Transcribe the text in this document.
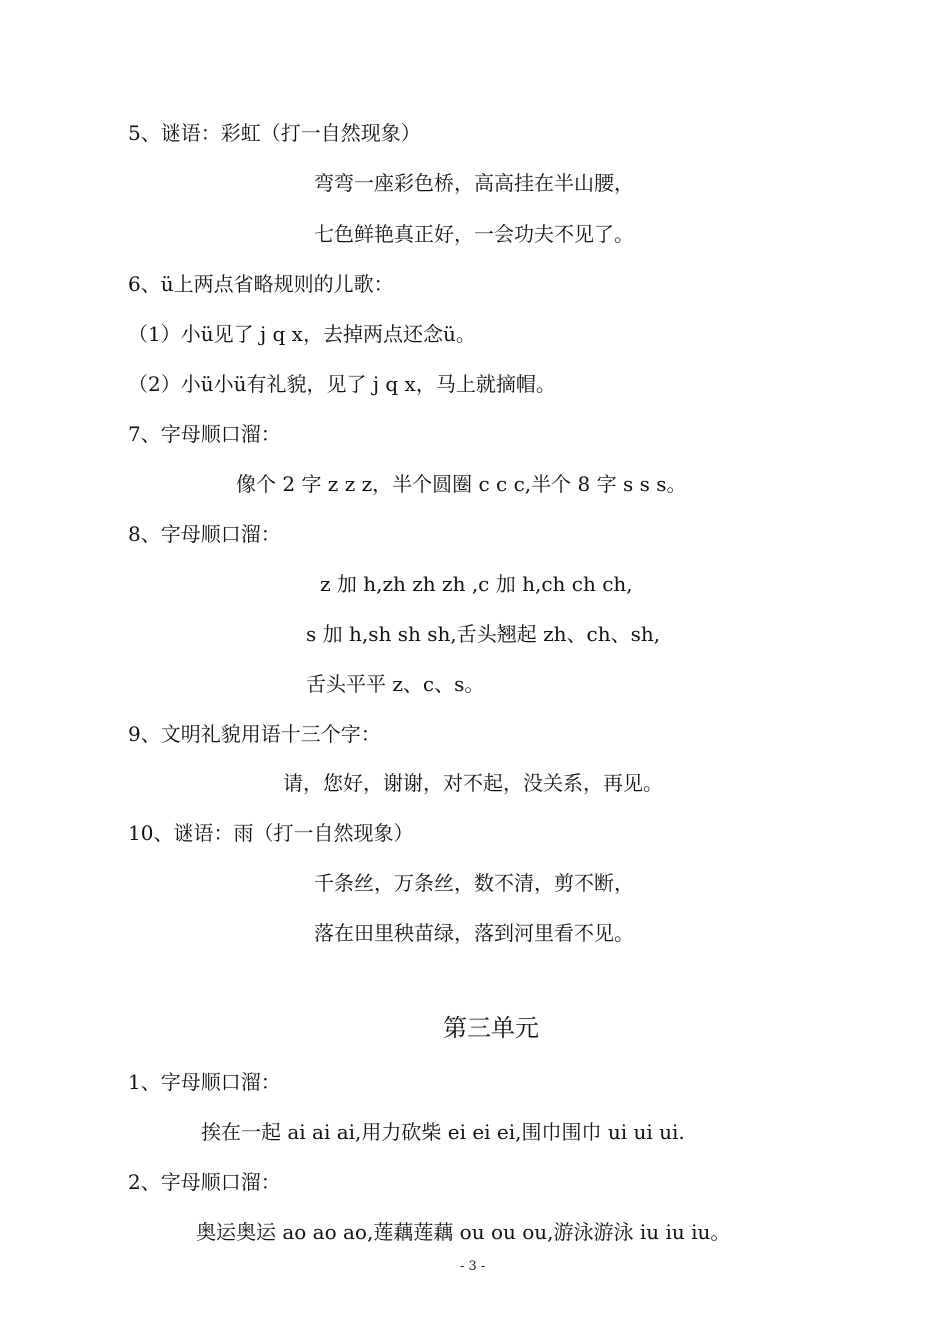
5、谜语：彩虹（打一自然现象）
弯弯一座彩色桥，高高挂在半山腰，
七色鲜艳真正好，一会功夫不见了。
6、ü上两点省略规则的儿歌：
（1）小ü见了 j q x，去掉两点还念ü。
（2）小ü小ü有礼貌，见了 j q x，马上就摘帽。
7、字母顺口溜：
像个 2 字 z z z，半个圆圈 c c c,半个 8 字 s s s。
8、字母顺口溜：
z 加 h,zh zh zh ,c 加 h,ch ch ch,
s 加 h,sh sh sh,舌头翘起 zh、ch、sh,
舌头平平 z、c、s。
9、文明礼貌用语十三个字：
请，您好，谢谢，对不起，没关系，再见。
10、谜语：雨（打一自然现象）
千条丝，万条丝，数不清，剪不断，
落在田里秧苗绿，落到河里看不见。
第三单元
1、字母顺口溜：
挨在一起 ai ai ai,用力砍柴 ei ei ei,围巾围巾 ui ui ui.
2、字母顺口溜：
奥运奥运 ao ao ao,莲藕莲藕 ou ou ou,游泳游泳 iu iu iu。
- 3 -
